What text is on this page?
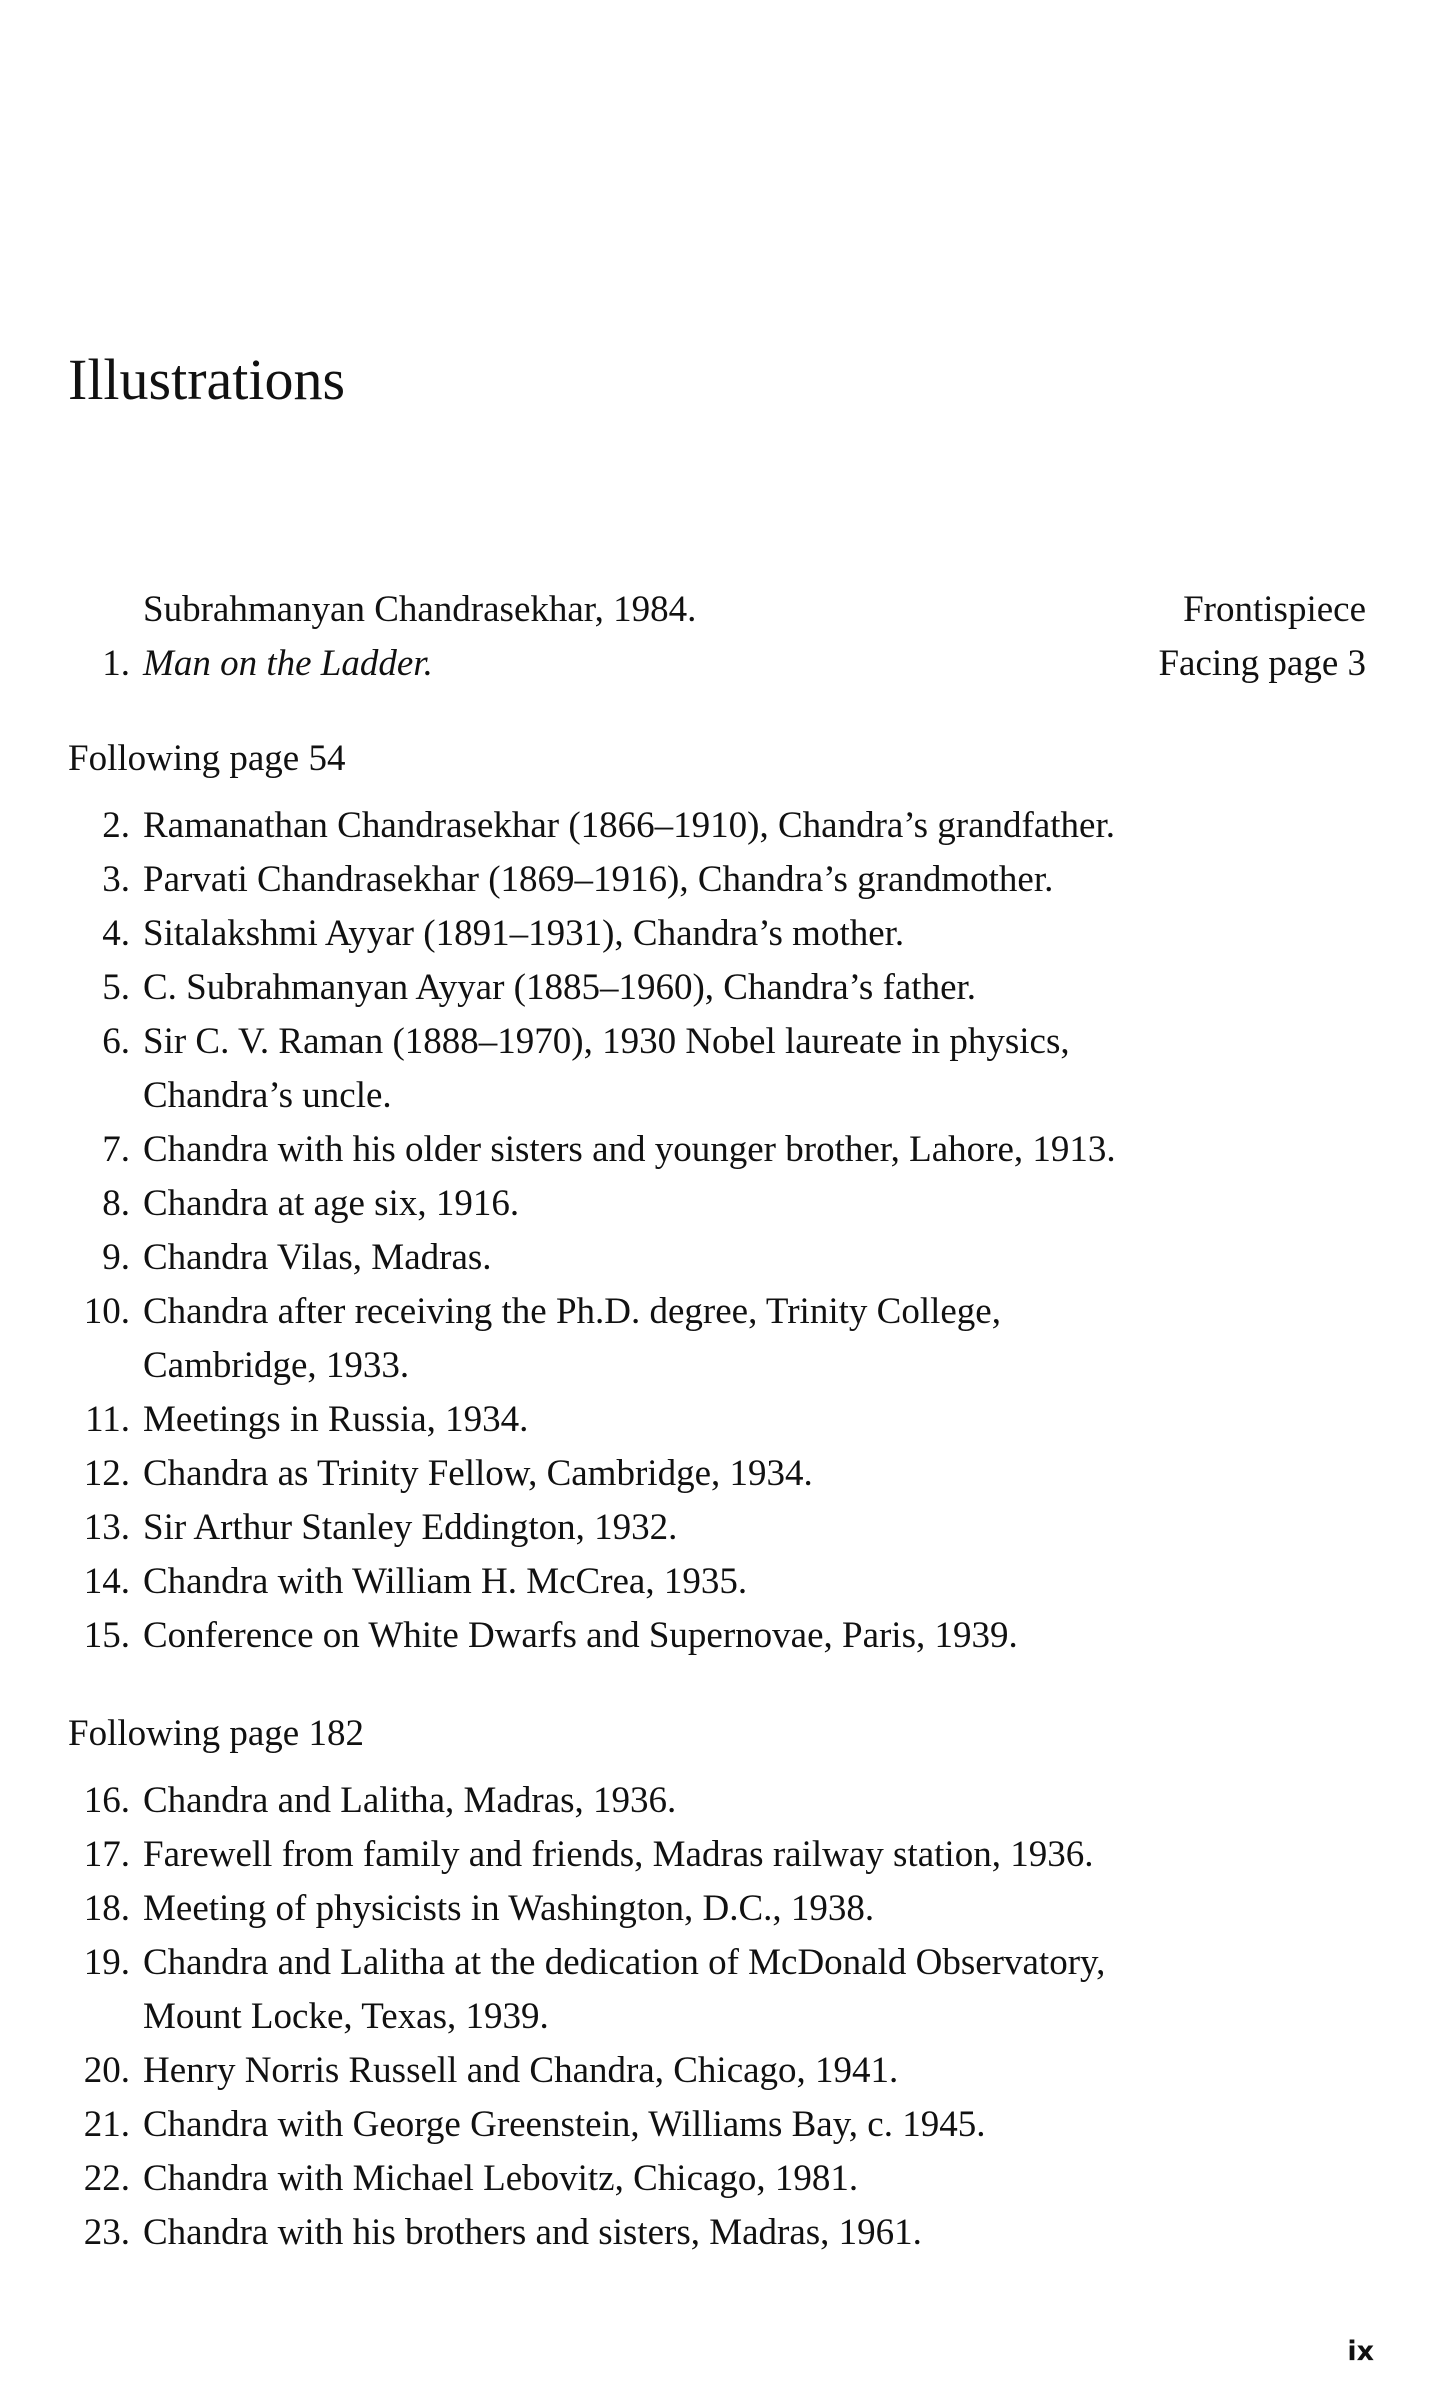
Illustrations
Subrahmanyan Chandrasekhar, 1984.	Frontispiece
1. Man on the Ladder.	Facing page 3
Following page 54
2. Ramanathan Chandrasekhar (1866–1910), Chandra’s grandfather.
3. Parvati Chandrasekhar (1869–1916), Chandra’s grandmother.
4. Sitalakshmi Ayyar (1891–1931), Chandra’s mother.
5. C. Subrahmanyan Ayyar (1885–1960), Chandra’s father.
6. Sir C. V. Raman (1888–1970), 1930 Nobel laureate in physics,
Chandra’s uncle.
7. Chandra with his older sisters and younger brother, Lahore, 1913.
8. Chandra at age six, 1916.
9. Chandra Vilas, Madras.
10. Chandra after receiving the Ph.D. degree, Trinity College,
Cambridge, 1933.
11. Meetings in Russia, 1934.
12. Chandra as Trinity Fellow, Cambridge, 1934.
13. Sir Arthur Stanley Eddington, 1932.
14. Chandra with William H. McCrea, 1935.
15. Conference on White Dwarfs and Supernovae, Paris, 1939.
Following page 182
16. Chandra and Lalitha, Madras, 1936.
17. Farewell from family and friends, Madras railway station, 1936.
18. Meeting of physicists in Washington, D.C., 1938.
19. Chandra and Lalitha at the dedication of McDonald Observatory,
Mount Locke, Texas, 1939.
20. Henry Norris Russell and Chandra, Chicago, 1941.
21. Chandra with George Greenstein, Williams Bay, c. 1945.
22. Chandra with Michael Lebovitz, Chicago, 1981.
23. Chandra with his brothers and sisters, Madras, 1961.
ix
